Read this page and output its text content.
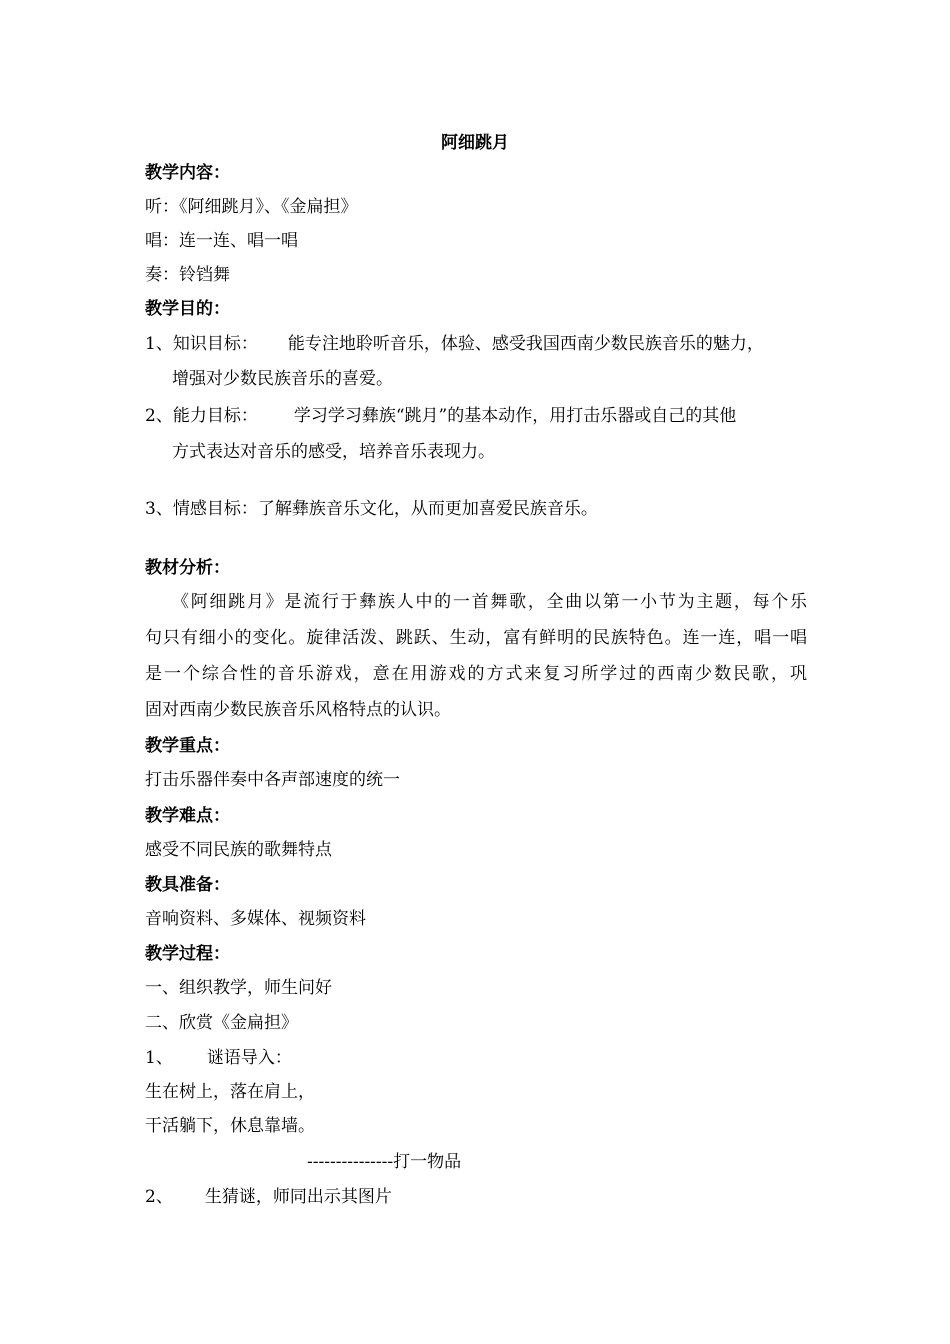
阿细跳月
教学内容：
听：《阿细跳月》、《金扁担》
唱：连一连、唱一唱
奏：铃铛舞
教学目的：
1、知识目标： 能专注地聆听音乐，体验、感受我国西南少数民族音乐的魅力，
增强对少数民族音乐的喜爱。
2、能力目标： 学习学习彝族“跳月”的基本动作，用打击乐器或自己的其他
方式表达对音乐的感受，培养音乐表现力。
3、情感目标：了解彝族音乐文化，从而更加喜爱民族音乐。
教材分析：
《阿细跳月》是流行于彝族人中的一首舞歌，全曲以第一小节为主题，每个乐
句只有细小的变化。旋律活泼、跳跃、生动，富有鲜明的民族特色。连一连，唱一唱
是一个综合性的音乐游戏，意在用游戏的方式来复习所学过的西南少数民歌，巩
固对西南少数民族音乐风格特点的认识。
教学重点：
打击乐器伴奏中各声部速度的统一
教学难点：
感受不同民族的歌舞特点
教具准备：
音响资料、多媒体、视频资料
教学过程：
一、组织教学，师生问好
二、欣赏《金扁担》
1、 谜语导入：
生在树上，落在肩上，
干活躺下，休息靠墙。
---------------打一物品
2、 生猜谜，师同出示其图片
